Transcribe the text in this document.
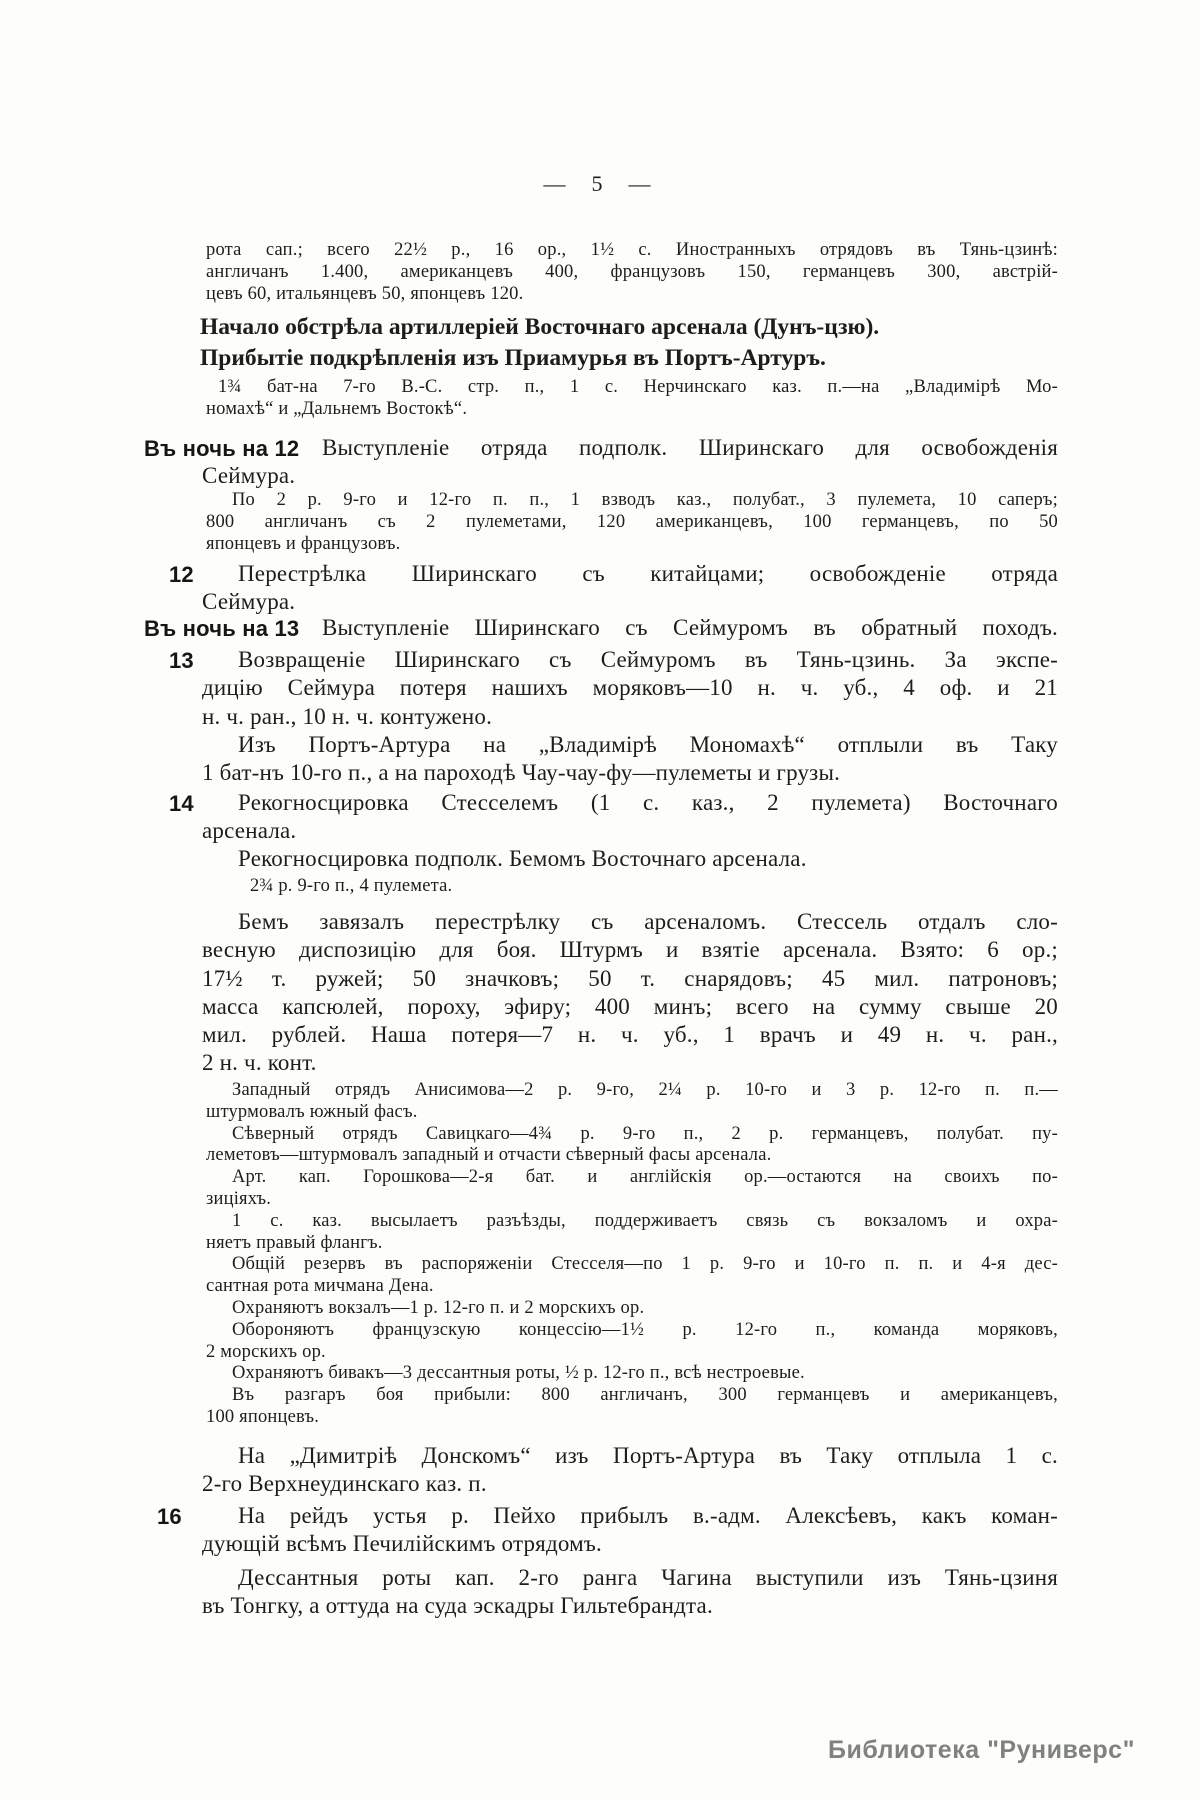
— 5 —
рота сап.; всего 22½ р., 16 ор., 1½ с. Иностранныхъ отрядовъ въ Тянь-цзинѣ:
англичанъ 1.400, американцевъ 400, французовъ 150, германцевъ 300, австрій-
цевъ 60, итальянцевъ 50, японцевъ 120.
Начало обстрѣла артиллеріей Восточнаго арсенала (Дунъ-цзю).
Прибытіе подкрѣпленія изъ Приамурья въ Портъ-Артуръ.
1¾ бат-на 7-го В.-С. стр. п., 1 с. Нерчинскаго каз. п.—на „Владимірѣ Мо-
номахѣ“ и „Дальнемъ Востокѣ“.
Въ ночь на 12 Выступленіе отряда подполк. Ширинскаго для освобожденія
Сеймура.
По 2 р. 9-го и 12-го п. п., 1 взводъ каз., полубат., 3 пулемета, 10 саперъ;
800 англичанъ съ 2 пулеметами, 120 американцевъ, 100 германцевъ, по 50
японцевъ и французовъ.
12	Перестрѣлка Ширинскаго съ китайцами; освобожденіе отряда
Сеймура.
Въ ночь на 13 Выступленіе Ширинскаго съ Сеймуромъ въ обратный походъ.
13	Возвращеніе Ширинскаго съ Сеймуромъ въ Тянь-цзинь. За экспе-
дицію Сеймура потеря нашихъ моряковъ—10 н. ч. уб., 4 оф. и 21
н. ч. ран., 10 н. ч. контужено.
Изъ Портъ-Артура на „Владимірѣ Мономахѣ“ отплыли въ Таку
1 бат-нъ 10-го п., а на пароходѣ Чау-чау-фу—пулеметы и грузы.
14	Рекогносцировка Стесселемъ (1 с. каз., 2 пулемета) Восточнаго
арсенала.
Рекогносцировка подполк. Бемомъ Восточнаго арсенала.
2¾ р. 9-го п., 4 пулемета.
Бемъ завязалъ перестрѣлку съ арсеналомъ. Стессель отдалъ сло-
весную диспозицію для боя. Штурмъ и взятіе арсенала. Взято: 6 ор.;
17½ т. ружей; 50 значковъ; 50 т. снарядовъ; 45 мил. патроновъ;
масса капсюлей, пороху, эфиру; 400 минъ; всего на сумму свыше 20
мил. рублей. Наша потеря—7 н. ч. уб., 1 врачъ и 49 н. ч. ран.,
2 н. ч. конт.
Западный отрядъ Анисимова—2 р. 9-го, 2¼ р. 10-го и 3 р. 12-го п. п.—
штурмовалъ южный фасъ.
Сѣверный отрядъ Савицкаго—4¾ р. 9-го п., 2 р. германцевъ, полубат. пу-
леметовъ—штурмовалъ западный и отчасти сѣверный фасы арсенала.
Арт. кап. Горошкова—2-я бат. и англійскія ор.—остаются на своихъ по-
зиціяхъ.
1 с. каз. высылаетъ разъѣзды, поддерживаетъ связь съ вокзаломъ и охра-
няетъ правый флангъ.
Общій резервъ въ распоряженіи Стесселя—по 1 р. 9-го и 10-го п. п. и 4-я дес-
сантная рота мичмана Дена.
Охраняютъ вокзалъ—1 р. 12-го п. и 2 морскихъ ор.
Обороняютъ французскую концессію—1½ р. 12-го п., команда моряковъ,
2 морскихъ ор.
Охраняютъ бивакъ—3 дессантныя роты, ½ р. 12-го п., всѣ нестроевые.
Въ разгаръ боя прибыли: 800 англичанъ, 300 германцевъ и американцевъ,
100 японцевъ.
На „Димитріѣ Донскомъ“ изъ Портъ-Артура въ Таку отплыла 1 с.
2-го Верхнеудинскаго каз. п.
16	На рейдъ устья р. Пейхо прибылъ в.-адм. Алексѣевъ, какъ коман-
дующій всѣмъ Печилійскимъ отрядомъ.
Дессантныя роты кап. 2-го ранга Чагина выступили изъ Тянь-цзиня
въ Тонгку, а оттуда на суда эскадры Гильтебрандта.
Библиотека "Руниверс"
